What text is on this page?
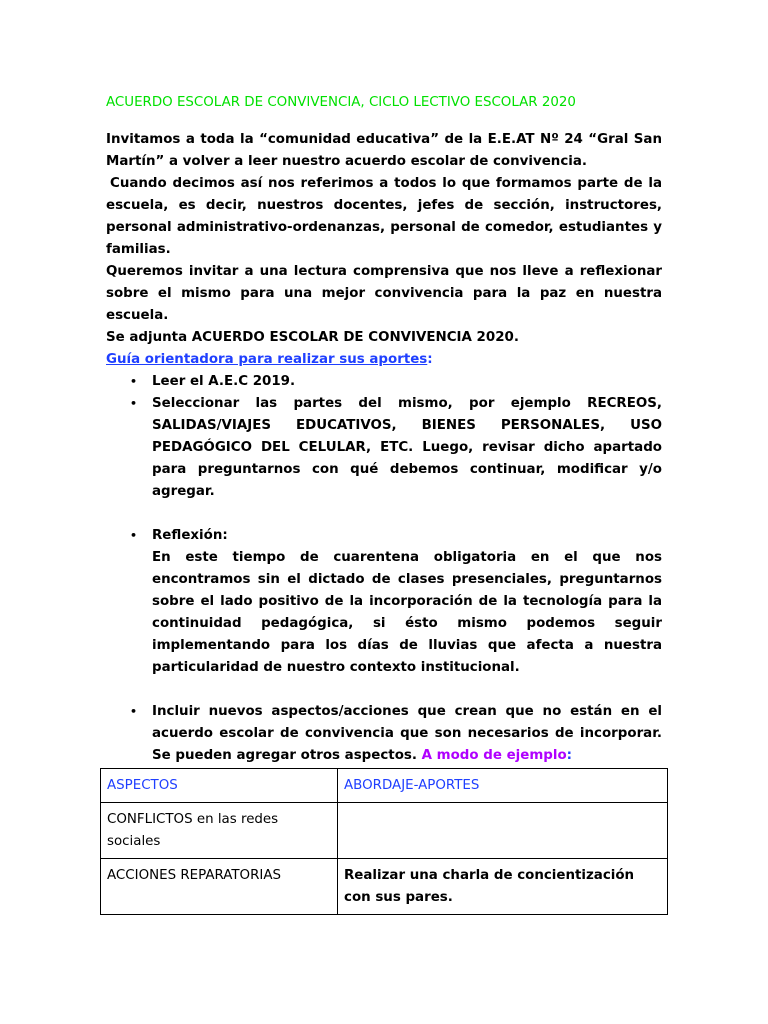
ACUERDO ESCOLAR DE CONVIVENCIA, CICLO LECTIVO ESCOLAR 2020

Invitamos a toda la “comunidad educativa” de la E.E.AT Nº 24 “Gral San Martín” a volver a leer nuestro acuerdo escolar de convivencia.

Cuando decimos así nos referimos a todos lo que formamos parte de la escuela, es decir, nuestros docentes, jefes de sección, instructores, personal administrativo-ordenanzas, personal de comedor, estudiantes y familias.

Queremos invitar a una lectura comprensiva que nos lleve a reflexionar sobre el mismo para una mejor convivencia para la paz en nuestra escuela.

Se adjunta ACUERDO ESCOLAR DE CONVIVENCIA 2020.

Guía orientadora para realizar sus aportes:
• Leer el A.E.C 2019.
• Seleccionar las partes del mismo, por ejemplo RECREOS, SALIDAS/VIAJES EDUCATIVOS, BIENES PERSONALES, USO PEDAGÓGICO DEL CELULAR, ETC. Luego, revisar dicho apartado para preguntarnos con qué debemos continuar, modificar y/o agregar.
• Reflexión:
En este tiempo de cuarentena obligatoria en el que nos encontramos sin el dictado de clases presenciales, preguntarnos sobre el lado positivo de la incorporación de la tecnología para la continuidad pedagógica, si ésto mismo podemos seguir implementando para los días de lluvias que afecta a nuestra particularidad de nuestro contexto institucional.
• Incluir nuevos aspectos/acciones que crean que no están en el acuerdo escolar de convivencia que son necesarios de incorporar. Se pueden agregar otros aspectos. A modo de ejemplo:
ASPECTOS	ABORDAJE-APORTES
CONFLICTOS en las redes sociales	
ACCIONES REPARATORIAS	Realizar una charla de concientización con sus pares.
